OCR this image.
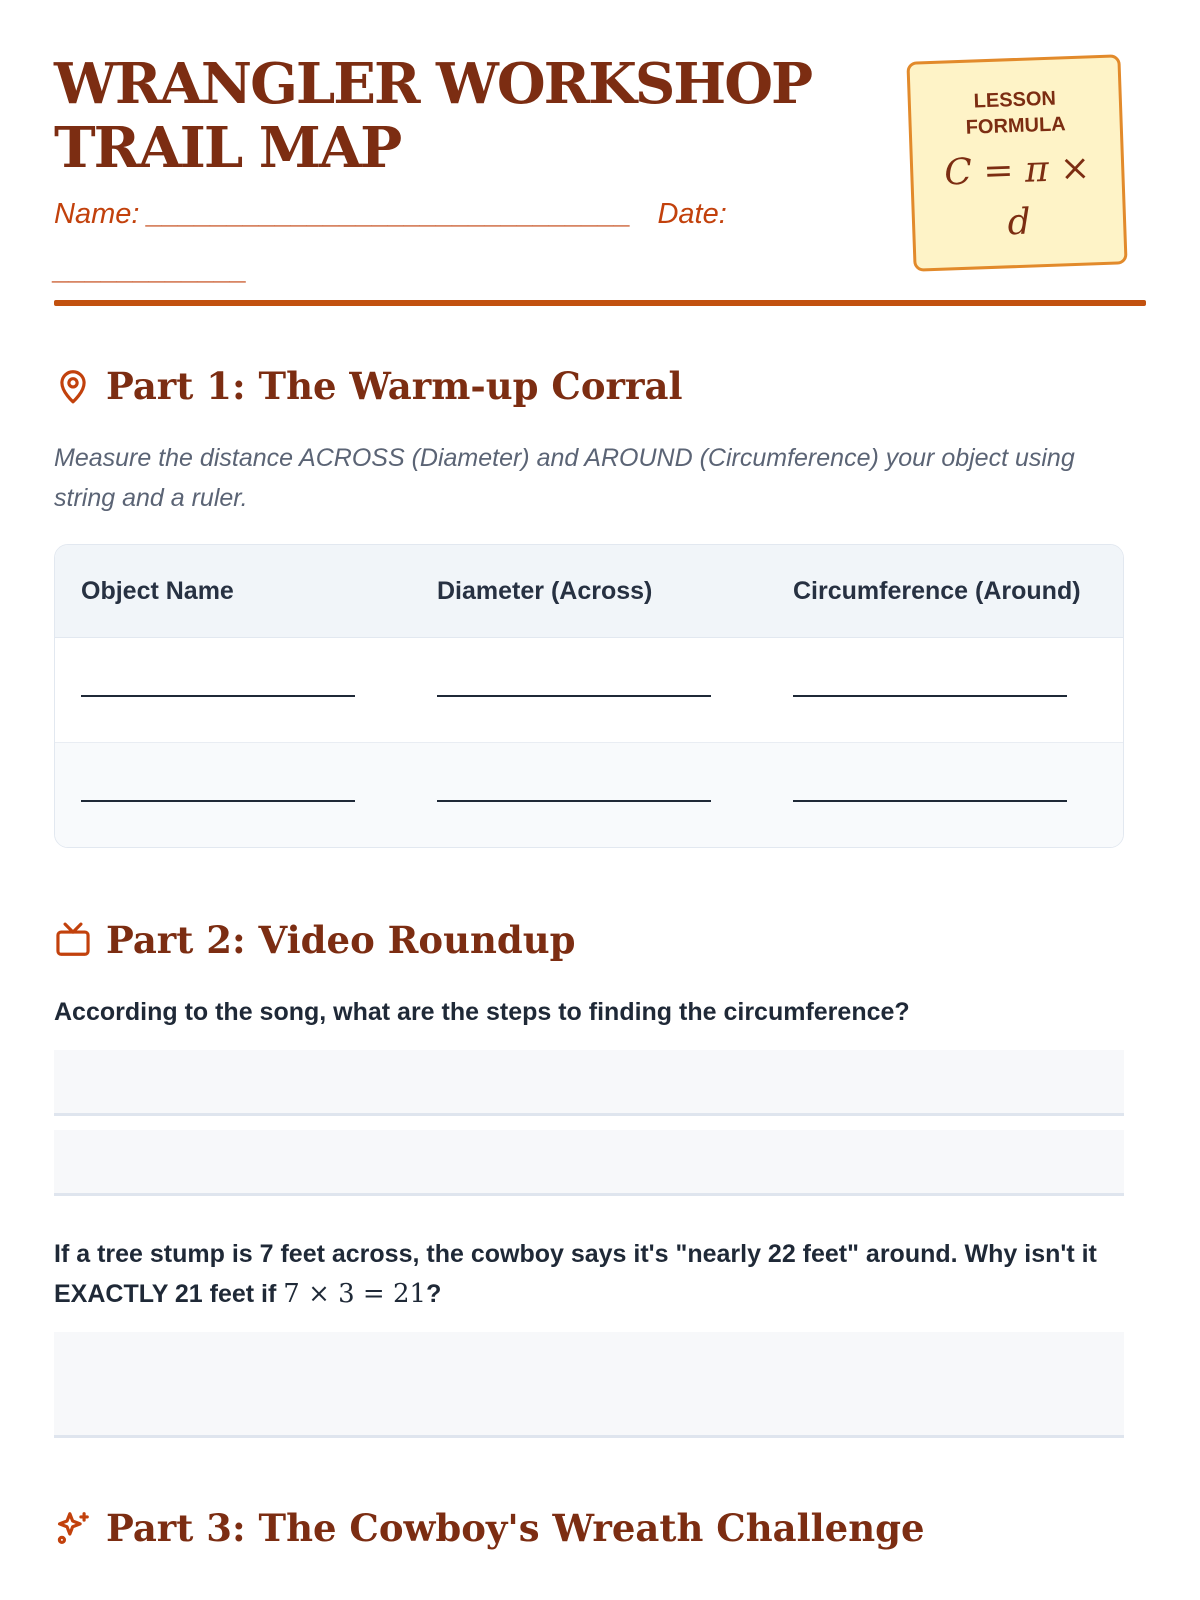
WRANGLER WORKSHOP TRAIL MAP
Name: ______________________________ Date:
____________
LESSON FORMULA
C = π × d
Part 1: The Warm-up Corral

Measure the distance ACROSS (Diameter) and AROUND (Circumference) your object using string and a ruler.

Object Name	Diameter (Across)	Circumference (Around)

Part 2: Video Roundup

According to the song, what are the steps to finding the circumference?

If a tree stump is 7 feet across, the cowboy says it's "nearly 22 feet" around. Why isn't it EXACTLY 21 feet if 7 × 3 = 21?

Part 3: The Cowboy's Wreath Challenge
